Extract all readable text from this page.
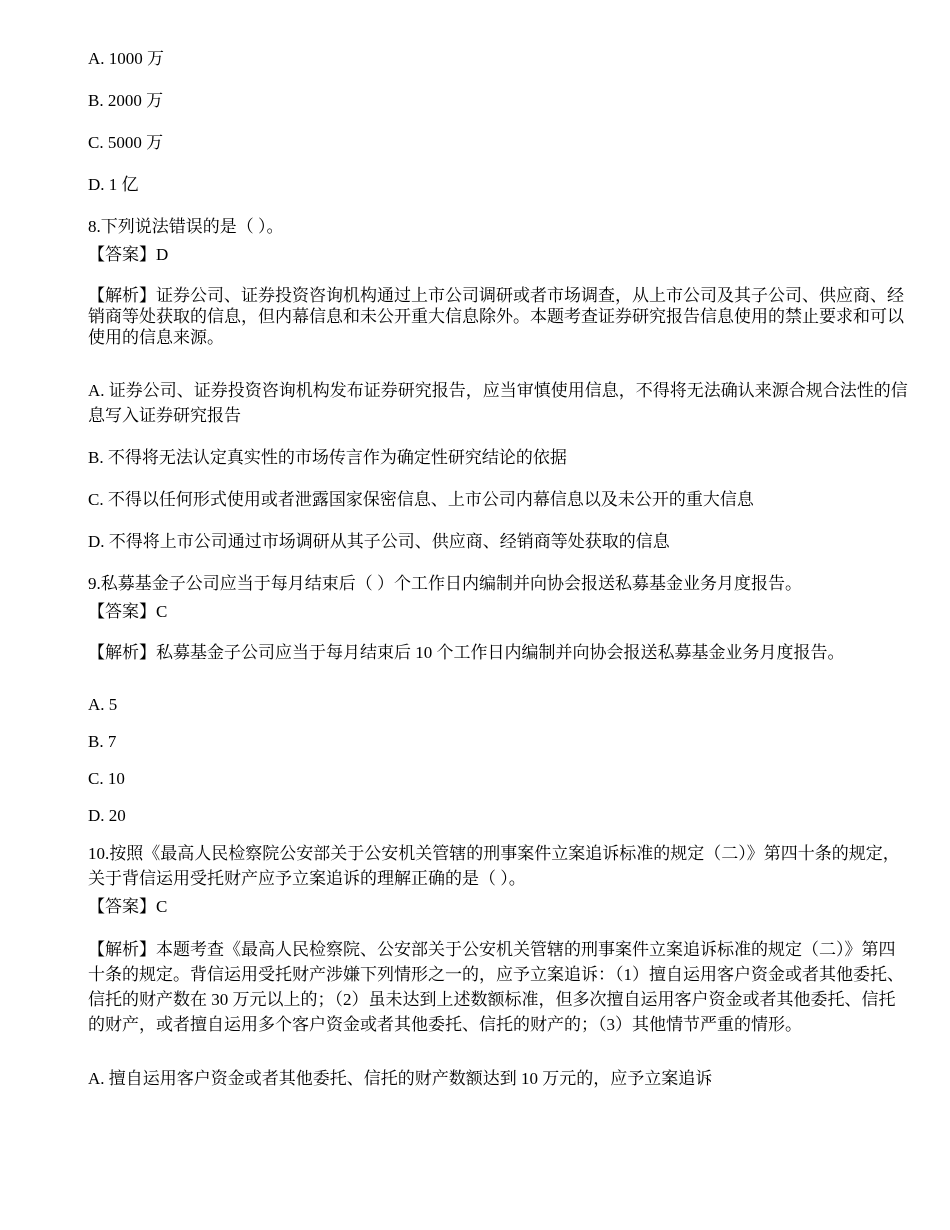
A. 1000 万

B. 2000 万

C. 5000 万

D. 1 亿

8.下列说法错误的是（ ）。

【答案】D

【解析】证券公司、证券投资咨询机构通过上市公司调研或者市场调查，从上市公司及其子公司、供应商、经销商等处获取的信息，但内幕信息和未公开重大信息除外。本题考查证券研究报告信息使用的禁止要求和可以使用的信息来源。

A. 证券公司、证券投资咨询机构发布证券研究报告，应当审慎使用信息，不得将无法确认来源合规合法性的信息写入证券研究报告

B. 不得将无法认定真实性的市场传言作为确定性研究结论的依据

C. 不得以任何形式使用或者泄露国家保密信息、上市公司内幕信息以及未公开的重大信息

D. 不得将上市公司通过市场调研从其子公司、供应商、经销商等处获取的信息

9.私募基金子公司应当于每月结束后（ ）个工作日内编制并向协会报送私募基金业务月度报告。

【答案】C

【解析】私募基金子公司应当于每月结束后 10 个工作日内编制并向协会报送私募基金业务月度报告。

A. 5

B. 7

C. 10

D. 20

10.按照《最高人民检察院公安部关于公安机关管辖的刑事案件立案追诉标准的规定（二）》第四十条的规定，关于背信运用受托财产应予立案追诉的理解正确的是（ ）。

【答案】C

【解析】本题考查《最高人民检察院、公安部关于公安机关管辖的刑事案件立案追诉标准的规定（二）》第四十条的规定。背信运用受托财产涉嫌下列情形之一的，应予立案追诉：（1）擅自运用客户资金或者其他委托、信托的财产数在 30 万元以上的；（2）虽未达到上述数额标准，但多次擅自运用客户资金或者其他委托、信托的财产，或者擅自运用多个客户资金或者其他委托、信托的财产的；（3）其他情节严重的情形。

A. 擅自运用客户资金或者其他委托、信托的财产数额达到 10 万元的，应予立案追诉
